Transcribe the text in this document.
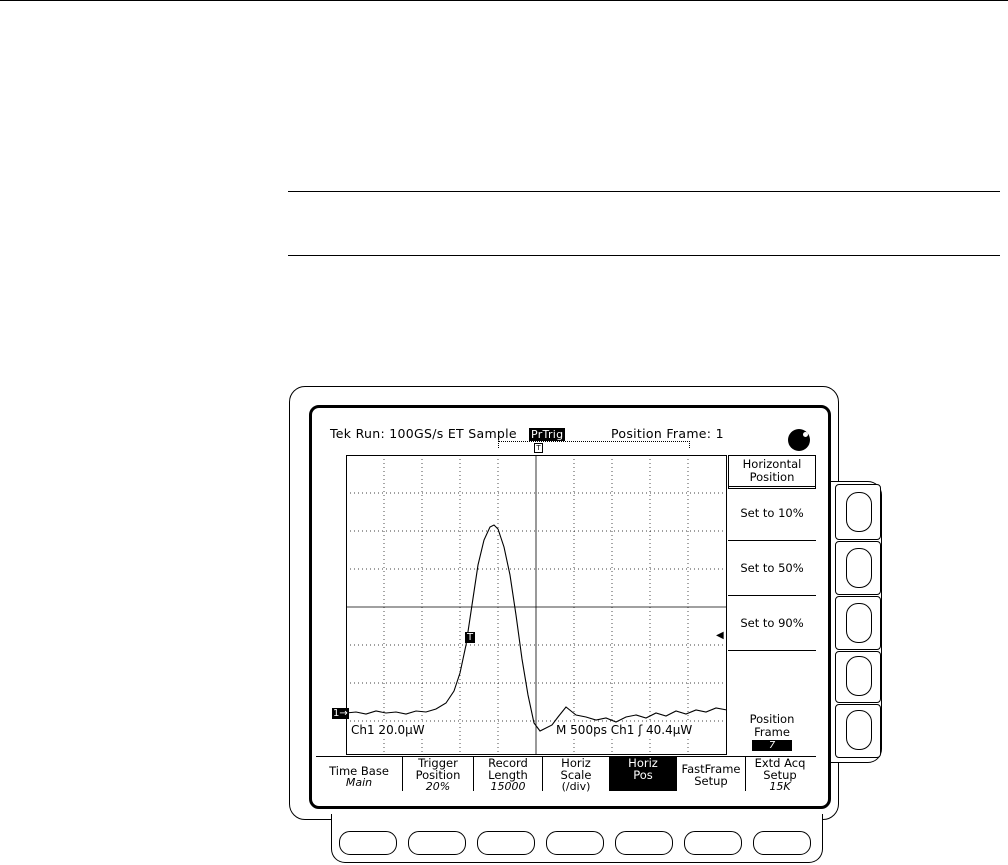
Tek Run: 100GS/s ET Sample PrTrig	Position Frame: 1
T
1→
T	◀
Ch1 20.0µW	M 500ps Ch1 ʃ 40.4µW
Horizontal Position
Set to 10%
Set to 50%
Set to 90%
Position Frame
7
Time Base
Main
Trigger Position
20%
Record Length
15000
Horiz Scale
(/div)
Horiz Pos	FastFrame Setup
Extd Acq Setup
15K
